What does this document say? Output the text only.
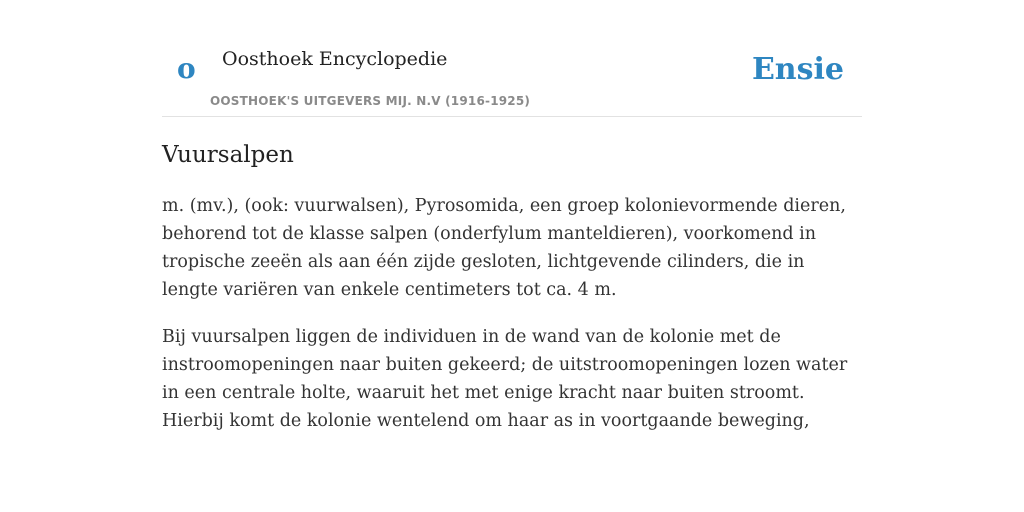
o Oosthoek Encyclopedie
OOSTHOEK'S UITGEVERS MIJ. N.V (1916-1925)
Ensie
Vuursalpen

m. (mv.), (ook: vuurwalsen), Pyrosomida, een groep kolonievormende dieren, behorend tot de klasse salpen (onderfylum manteldieren), voorkomend in tropische zeeën als aan één zijde gesloten, lichtgevende cilinders, die in lengte variëren van enkele centimeters tot ca. 4 m.

Bij vuursalpen liggen de individuen in de wand van de kolonie met de instroomopeningen naar buiten gekeerd; de uitstroomopeningen lozen water in een centrale holte, waaruit het met enige kracht naar buiten stroomt. Hierbij komt de kolonie wentelend om haar as in voortgaande beweging,
